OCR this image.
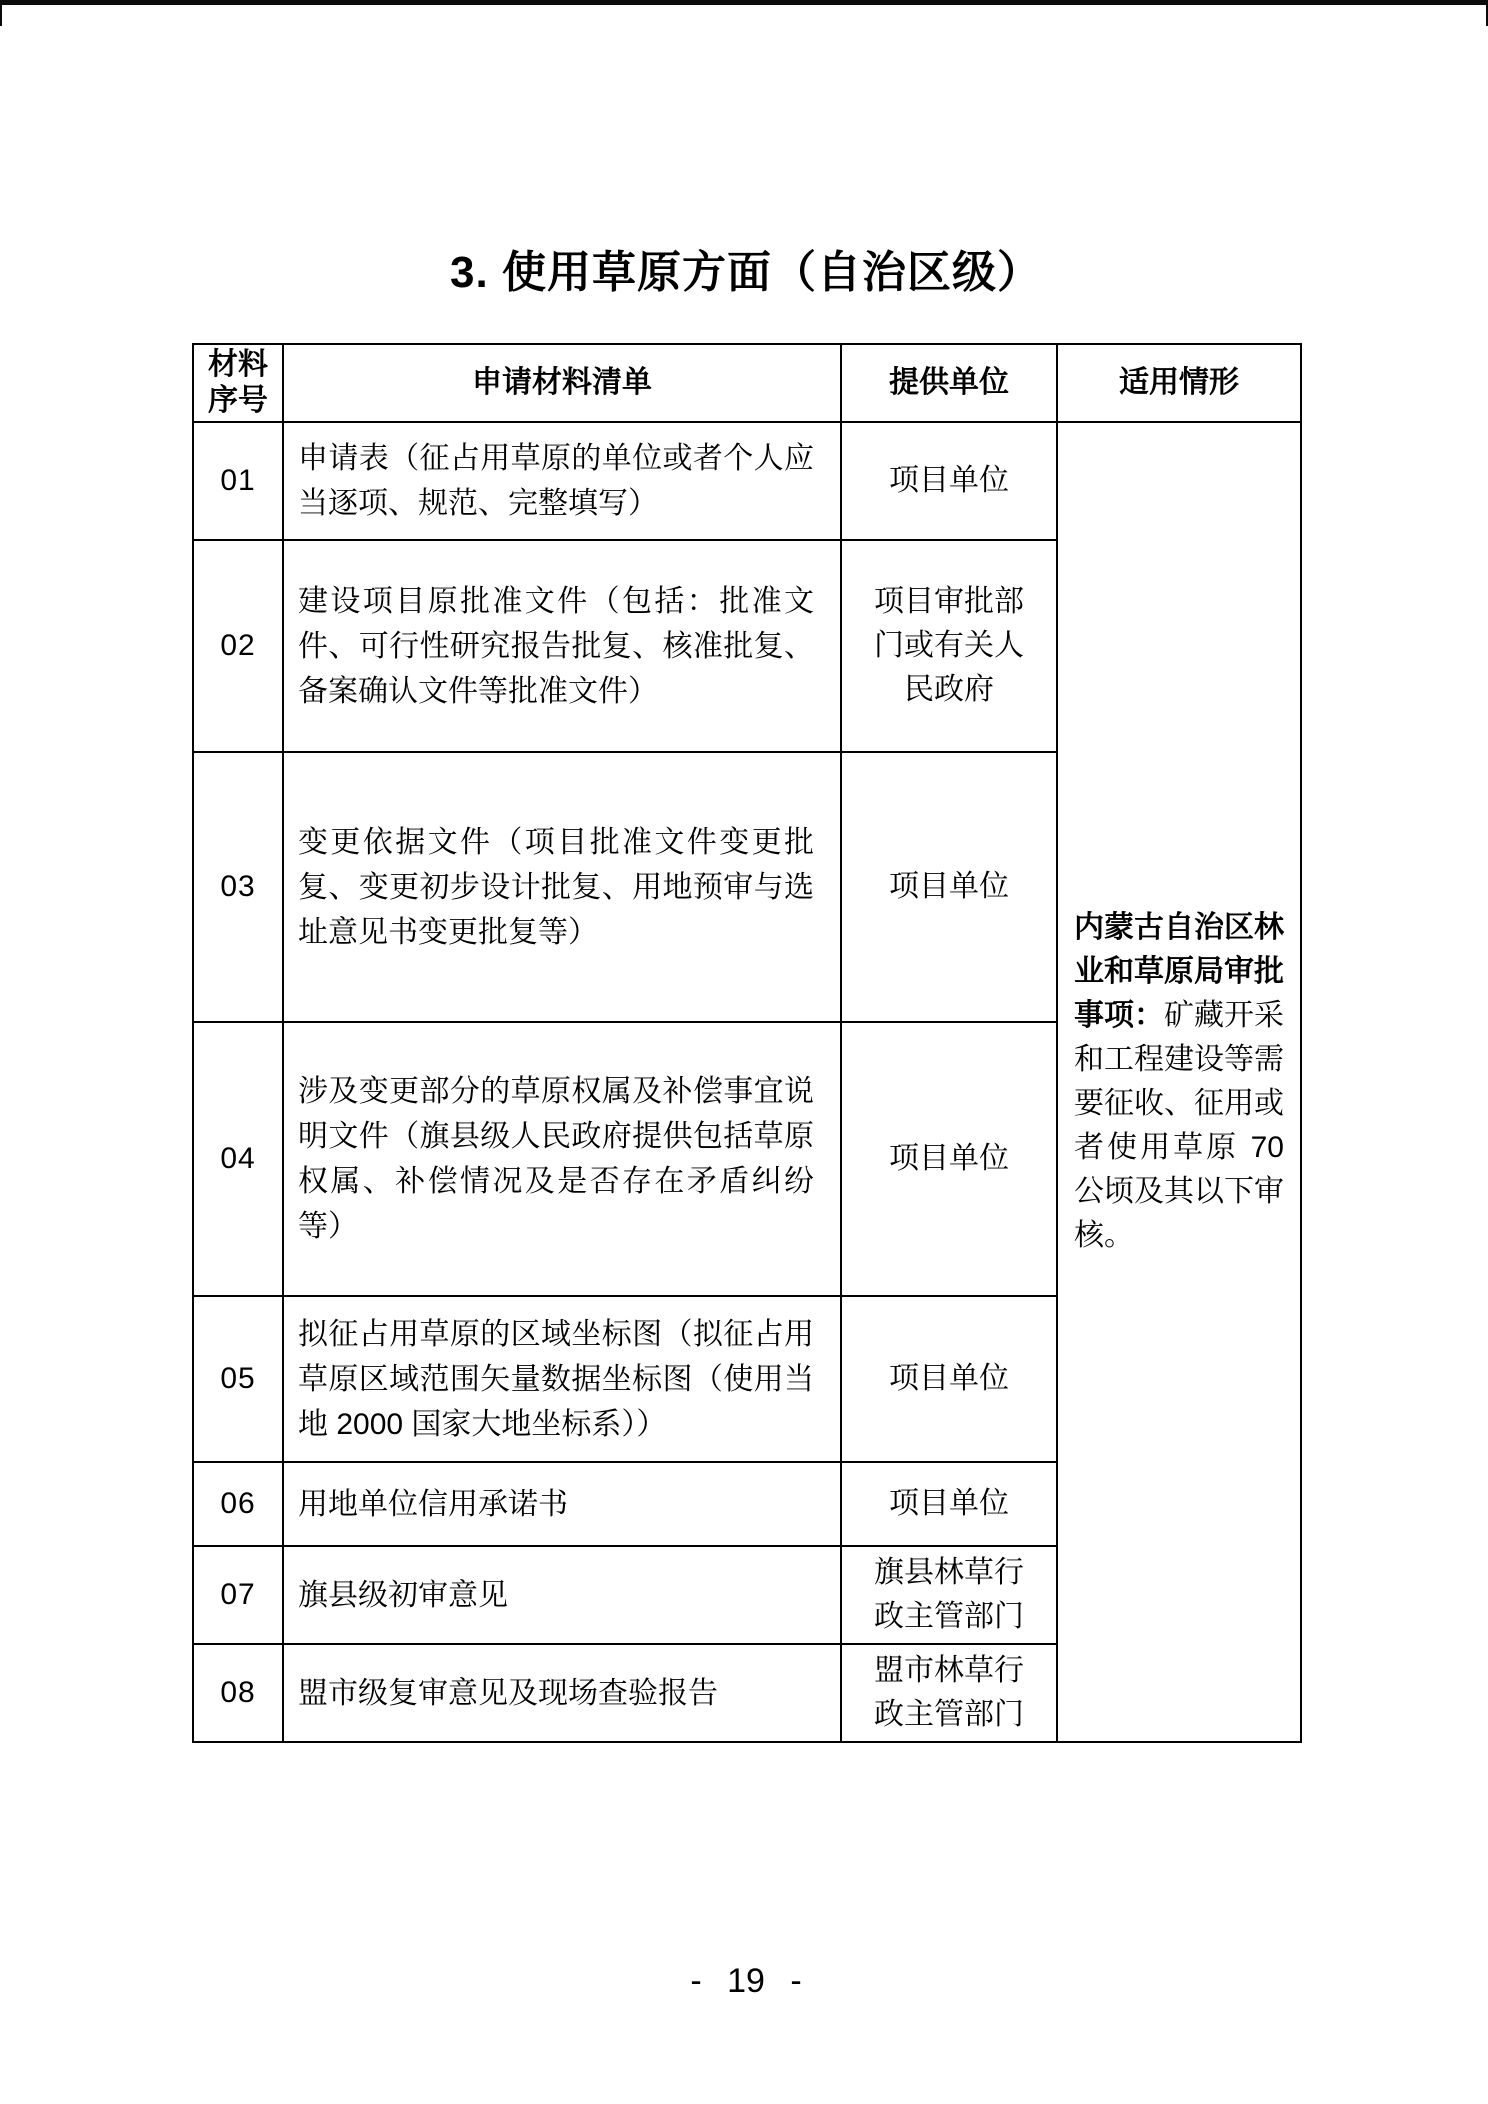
3. 使用草原方面（自治区级）
材料
序号	申请材料清单	提供单位	适用情形
01	申请表（征占用草原的单位或者个人应当逐项、规范、完整填写）	项目单位	内蒙古自治区林业和草原局审批事项：矿藏开采和工程建设等需要征收、征用或者使用草原 70 公顷及其以下审核。
02	建设项目原批准文件（包括：批准文件、可行性研究报告批复、核准批复、备案确认文件等批准文件）	项目审批部门或有关人民政府	
03	变更依据文件（项目批准文件变更批复、变更初步设计批复、用地预审与选址意见书变更批复等）	项目单位	
04	涉及变更部分的草原权属及补偿事宜说明文件（旗县级人民政府提供包括草原权属、补偿情况及是否存在矛盾纠纷等）	项目单位	
05	拟征占用草原的区域坐标图（拟征占用草原区域范围矢量数据坐标图（使用当地 2000 国家大地坐标系））	项目单位	
06	用地单位信用承诺书	项目单位	
07	旗县级初审意见	旗县林草行政主管部门	
08	盟市级复审意见及现场查验报告	盟市林草行政主管部门	
- 19 -
